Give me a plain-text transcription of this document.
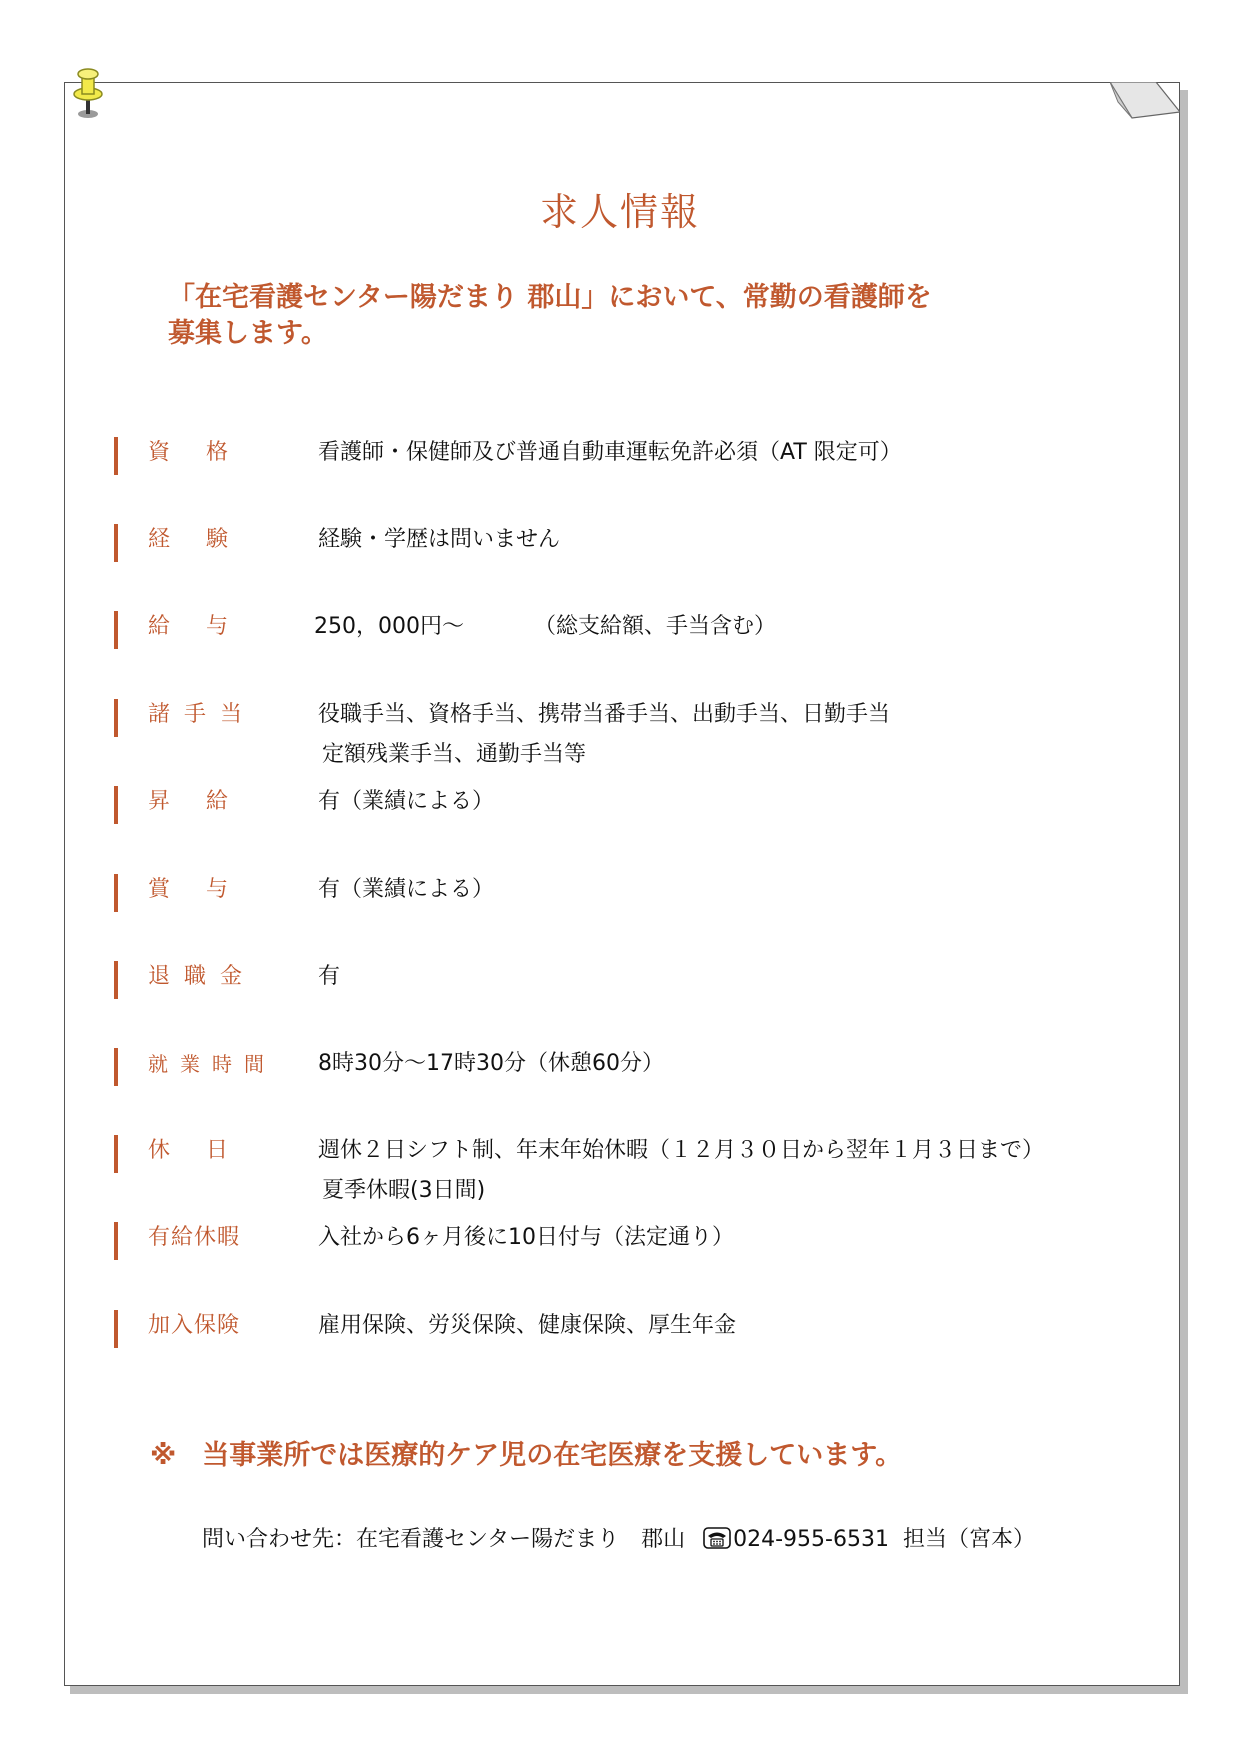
求人情報
「在宅看護センター陽だまり 郡山」において、常勤の看護師を
募集します。
資格	看護師・保健師及び普通自動車運転免許必須（AT 限定可）
経験	経験・学歴は問いません
給与	250，000円～	（総支給額、手当含む）
諸手当	役職手当、資格手当、携帯当番手当、出動手当、日勤手当
定額残業手当、通勤手当等
昇給	有（業績による）
賞与	有（業績による）
退職金	有
就業時間 8時30分～17時30分（休憩60分）
休日	週休２日シフト制、年末年始休暇（１２月３０日から翌年１月３日まで）
夏季休暇(3日間)
有給休暇	入社から6ヶ月後に10日付与（法定通り）
加入保険	雇用保険、労災保険、健康保険、厚生年金
※ 当事業所では医療的ケア児の在宅医療を支援しています。
問い合わせ先：在宅看護センター陽だまり　郡山 024-955-6531 担当（宮本）
